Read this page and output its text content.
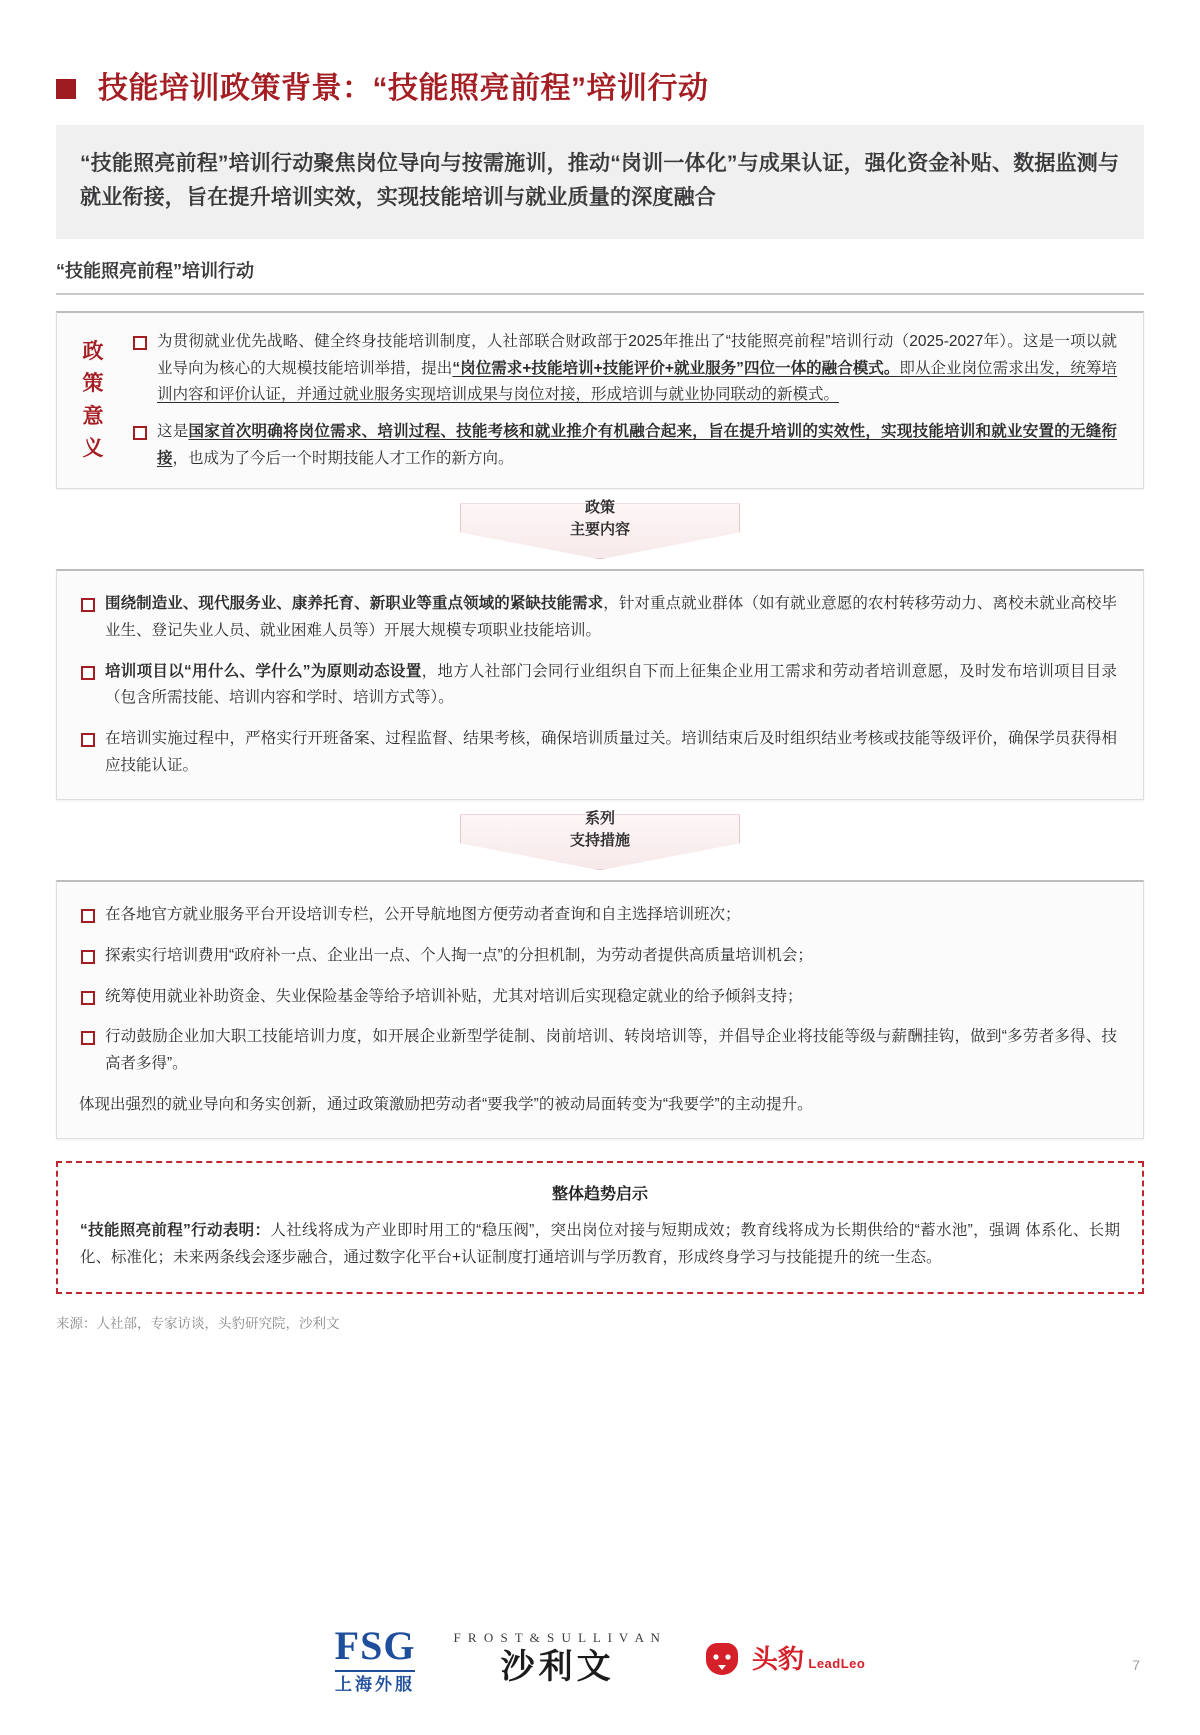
技能培训政策背景：“技能照亮前程”培训行动
“技能照亮前程”培训行动聚焦岗位导向与按需施训，推动“岗训一体化”与成果认证，强化资金补贴、数据监测与就业衔接，旨在提升培训实效，实现技能培训与就业质量的深度融合
“技能照亮前程”培训行动
政
策
意
义
为贯彻就业优先战略、健全终身技能培训制度，人社部联合财政部于2025年推出了“技能照亮前程”培训行动（2025-2027年）。这是一项以就业导向为核心的大规模技能培训举措，提出“岗位需求+技能培训+技能评价+就业服务”四位一体的融合模式。即从企业岗位需求出发，统筹培训内容和评价认证，并通过就业服务实现培训成果与岗位对接，形成培训与就业协同联动的新模式。
这是国家首次明确将岗位需求、培训过程、技能考核和就业推介有机融合起来，旨在提升培训的实效性，实现技能培训和就业安置的无缝衔接，也成为了今后一个时期技能人才工作的新方向。
政策
主要内容
围绕制造业、现代服务业、康养托育、新职业等重点领域的紧缺技能需求，针对重点就业群体（如有就业意愿的农村转移劳动力、离校未就业高校毕业生、登记失业人员、就业困难人员等）开展大规模专项职业技能培训。
培训项目以“用什么、学什么”为原则动态设置，地方人社部门会同行业组织自下而上征集企业用工需求和劳动者培训意愿，及时发布培训项目目录（包含所需技能、培训内容和学时、培训方式等）。
在培训实施过程中，严格实行开班备案、过程监督、结果考核，确保培训质量过关。培训结束后及时组织结业考核或技能等级评价，确保学员获得相应技能认证。
系列
支持措施
在各地官方就业服务平台开设培训专栏，公开导航地图方便劳动者查询和自主选择培训班次；
探索实行培训费用“政府补一点、企业出一点、个人掏一点”的分担机制，为劳动者提供高质量培训机会；
统筹使用就业补助资金、失业保险基金等给予培训补贴，尤其对培训后实现稳定就业的给予倾斜支持；
行动鼓励企业加大职工技能培训力度，如开展企业新型学徒制、岗前培训、转岗培训等，并倡导企业将技能等级与薪酬挂钩，做到“多劳者多得、技高者多得”。
体现出强烈的就业导向和务实创新，通过政策激励把劳动者“要我学”的被动局面转变为“我要学”的主动提升。
整体趋势启示
“技能照亮前程”行动表明：人社线将成为产业即时用工的“稳压阀”，突出岗位对接与短期成效；教育线将成为长期供给的“蓄水池”，强调 体系化、长期化、标准化；未来两条线会逐步融合，通过数字化平台+认证制度打通培训与学历教育，形成终身学习与技能提升的统一生态。
来源：人社部，专家访谈，头豹研究院，沙利文
FSG
上海外服
F R O S T & S U L L I V A N
沙利文	头豹 LeadLeo	7
